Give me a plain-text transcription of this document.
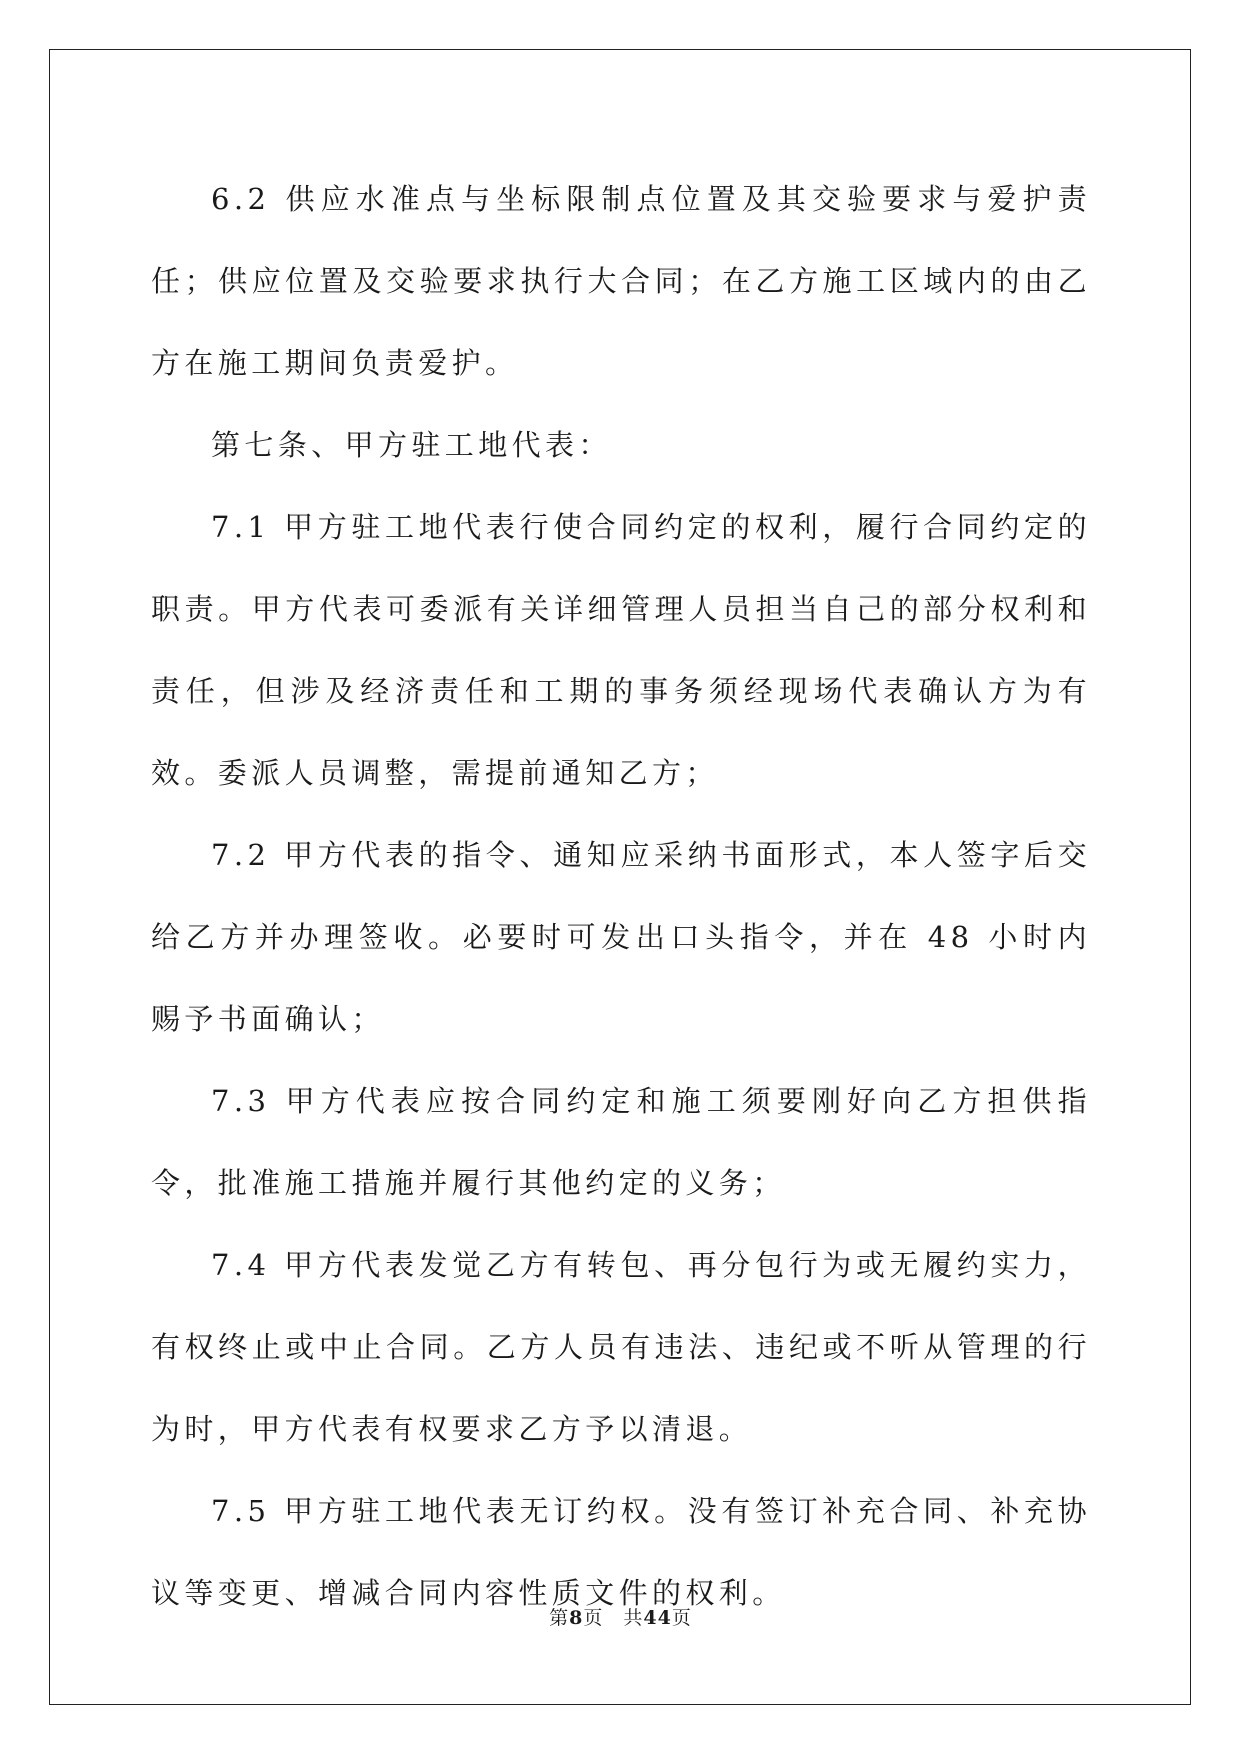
6.2 供应水准点与坐标限制点位置及其交验要求与爱护责任；供应位置及交验要求执行大合同；在乙方施工区域内的由乙方在施工期间负责爱护。

第七条、甲方驻工地代表：

7.1 甲方驻工地代表行使合同约定的权利，履行合同约定的职责。甲方代表可委派有关详细管理人员担当自己的部分权利和责任，但涉及经济责任和工期的事务须经现场代表确认方为有效。委派人员调整，需提前通知乙方；

7.2 甲方代表的指令、通知应采纳书面形式，本人签字后交给乙方并办理签收。必要时可发出口头指令，并在 48 小时内赐予书面确认；

7.3 甲方代表应按合同约定和施工须要刚好向乙方担供指令，批准施工措施并履行其他约定的义务；

7.4 甲方代表发觉乙方有转包、再分包行为或无履约实力，有权终止或中止合同。乙方人员有违法、违纪或不听从管理的行为时，甲方代表有权要求乙方予以清退。

7.5 甲方驻工地代表无订约权。没有签订补充合同、补充协议等变更、增减合同内容性质文件的权利。

第8页 共44页
